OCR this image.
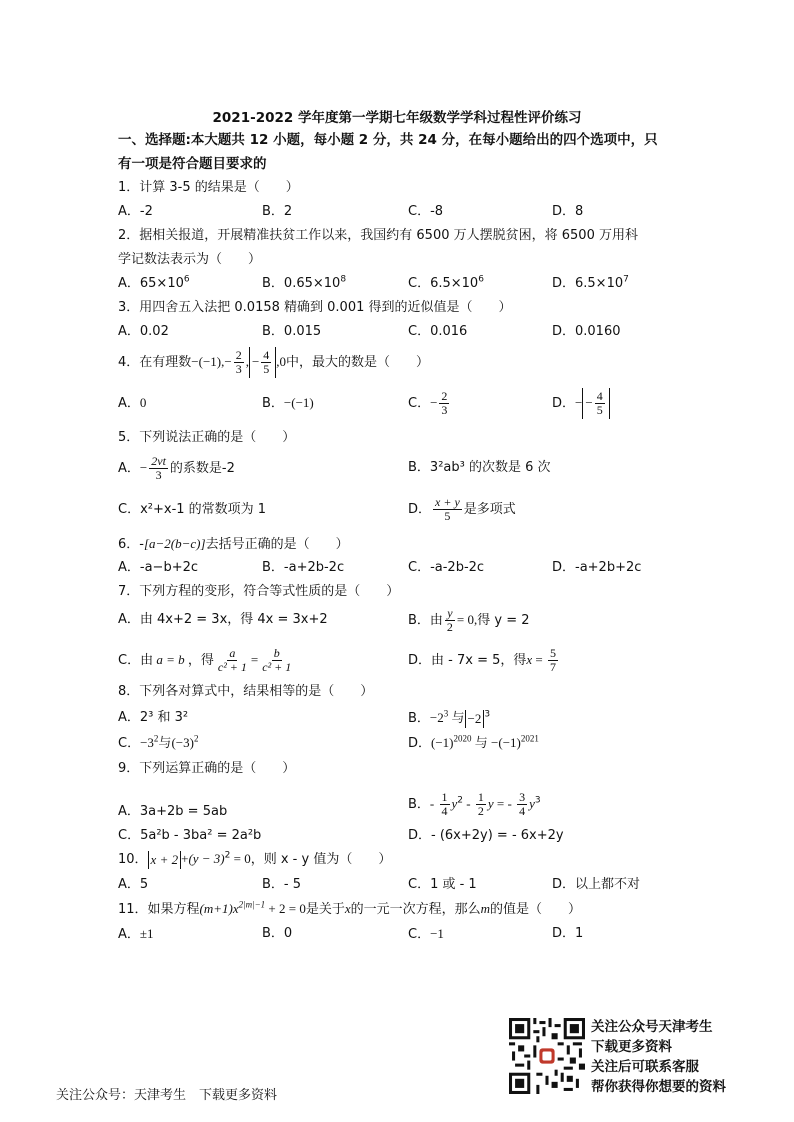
2021-2022 学年度第一学期七年级数学学科过程性评价练习
一、选择题:本大题共 12 小题，每小题 2 分，共 24 分，在每小题给出的四个选项中，只
有一项是符合题目要求的
1．计算 3-5 的结果是（　　）
A．-2	B．2	C．-8	D．8
2．据相关报道，开展精准扶贫工作以来，我国约有 6500 万人摆脱贫困，将 6500 万用科
学记数法表示为（　　）
A．$65\times 10^6$	B．$0.65\times 10^8$	C．$6.5\times 10^6$	D．$6.5\times 10^7$
3．用四舍五入法把 0.0158 精确到 0.001 得到的近似值是（　　）
A．0.02	B．0.015	C．0.016	D．0.0160
4．在有理数$-(-1),- \frac{2}{3}$ , − $\frac{4}{5} ,0$中，最大的数是（　　）
A．0	B．−(−1)	C．− $\frac{2}{3}$	D．− − $\frac{4}{5}$
5．下列说法正确的是（　　）
A．− $\frac{2vt}{3}$ 的系数是-2	B．3²ab³ 的次数是 6 次
C．x²+x-1 的常数项为 1	D． $\frac{x + y}{5}$ 是多项式
6．-[a−2(b−c)]去括号正确的是（　　）
A．-a−b+2c	B．-a+2b-2c	C．-a-2b-2c	D．-a+2b+2c
7．下列方程的变形，符合等式性质的是（　　）
A．由 4x+2 = 3x，得 4x = 3x+2	B．由 $\frac{y}{2} = 0$,得 y = 2
C．由 a = b ，得 $\frac{a}{\text{c² + 1}} = \frac{b}{\text{c² + 1}}$	D．由 - 7x = 5，得$x = \frac{5}{7}$
8．下列各对算式中，结果相等的是（　　）
A．2³ 和 3²	B．$-2^3$ 与 −2 $^3$
C．$-3^2$与$(-3)^2$	D．$(-1)^{2020}$ 与 $-(-1)^{2021}$
9．下列运算正确的是（　　）
A．3a+2b = 5ab	B．- $\frac{1}{4} y^2 - \frac{1}{2}$ y = - $\frac{3}{4} y^3$
C．5a²b - 3ba² = 2a²b	D．- (6x+2y) = - 6x+2y
10． $x + 2 +(y - 3)^2 = 0$，则 x - y 值为（　　）
A．5	B．- 5	C．1 或 - 1	D．以上都不对
11．如果方程$(m+1)x^{2|m|-1} + 2 = 0$是关于x的一元一次方程，那么m的值是（　　）
A．±1	B．0	C．−1	D．1
关注公众号天津考生
下载更多资料
关注后可联系客服
帮你获得你想要的资料
关注公众号：天津考生　下载更多资料
